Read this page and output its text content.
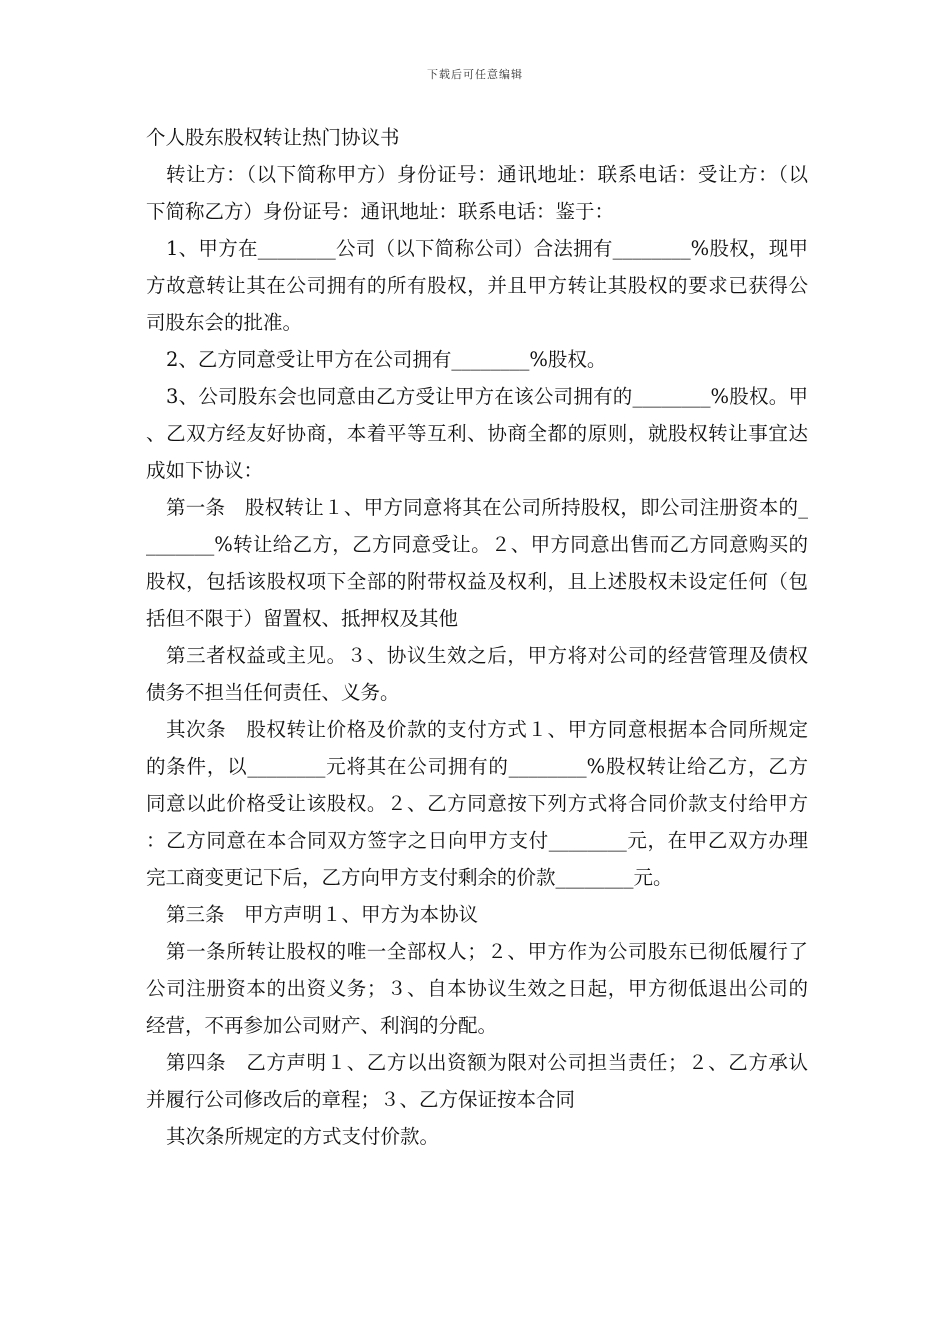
下载后可任意编辑
个人股东股权转让热门协议书

转让方：（以下简称甲方）身份证号：通讯地址：联系电话：受让方：（以下简称乙方）身份证号：通讯地址：联系电话：鉴于：

1、甲方在________公司（以下简称公司）合法拥有________%股权，现甲方故意转让其在公司拥有的所有股权，并且甲方转让其股权的要求已获得公司股东会的批准。

2、乙方同意受让甲方在公司拥有________%股权。

3、公司股东会也同意由乙方受让甲方在该公司拥有的________%股权。甲、乙双方经友好协商，本着平等互利、协商全都的原则，就股权转让事宜达成如下协议：

第一条　股权转让１、甲方同意将其在公司所持股权，即公司注册资本的________%转让给乙方，乙方同意受让。２、甲方同意出售而乙方同意购买的股权，包括该股权项下全部的附带权益及权利，且上述股权未设定任何（包括但不限于）留置权、抵押权及其他

第三者权益或主见。３、协议生效之后，甲方将对公司的经营管理及债权债务不担当任何责任、义务。

其次条　股权转让价格及价款的支付方式１、甲方同意根据本合同所规定的条件，以________元将其在公司拥有的________%股权转让给乙方，乙方同意以此价格受让该股权。２、乙方同意按下列方式将合同价款支付给甲方：乙方同意在本合同双方签字之日向甲方支付________元，在甲乙双方办理完工商变更记下后，乙方向甲方支付剩余的价款________元。

第三条　甲方声明１、甲方为本协议

第一条所转让股权的唯一全部权人；２、甲方作为公司股东已彻低履行了公司注册资本的出资义务；３、自本协议生效之日起，甲方彻低退出公司的经营，不再参加公司财产、利润的分配。

第四条　乙方声明１、乙方以出资额为限对公司担当责任；２、乙方承认并履行公司修改后的章程；３、乙方保证按本合同

其次条所规定的方式支付价款。
